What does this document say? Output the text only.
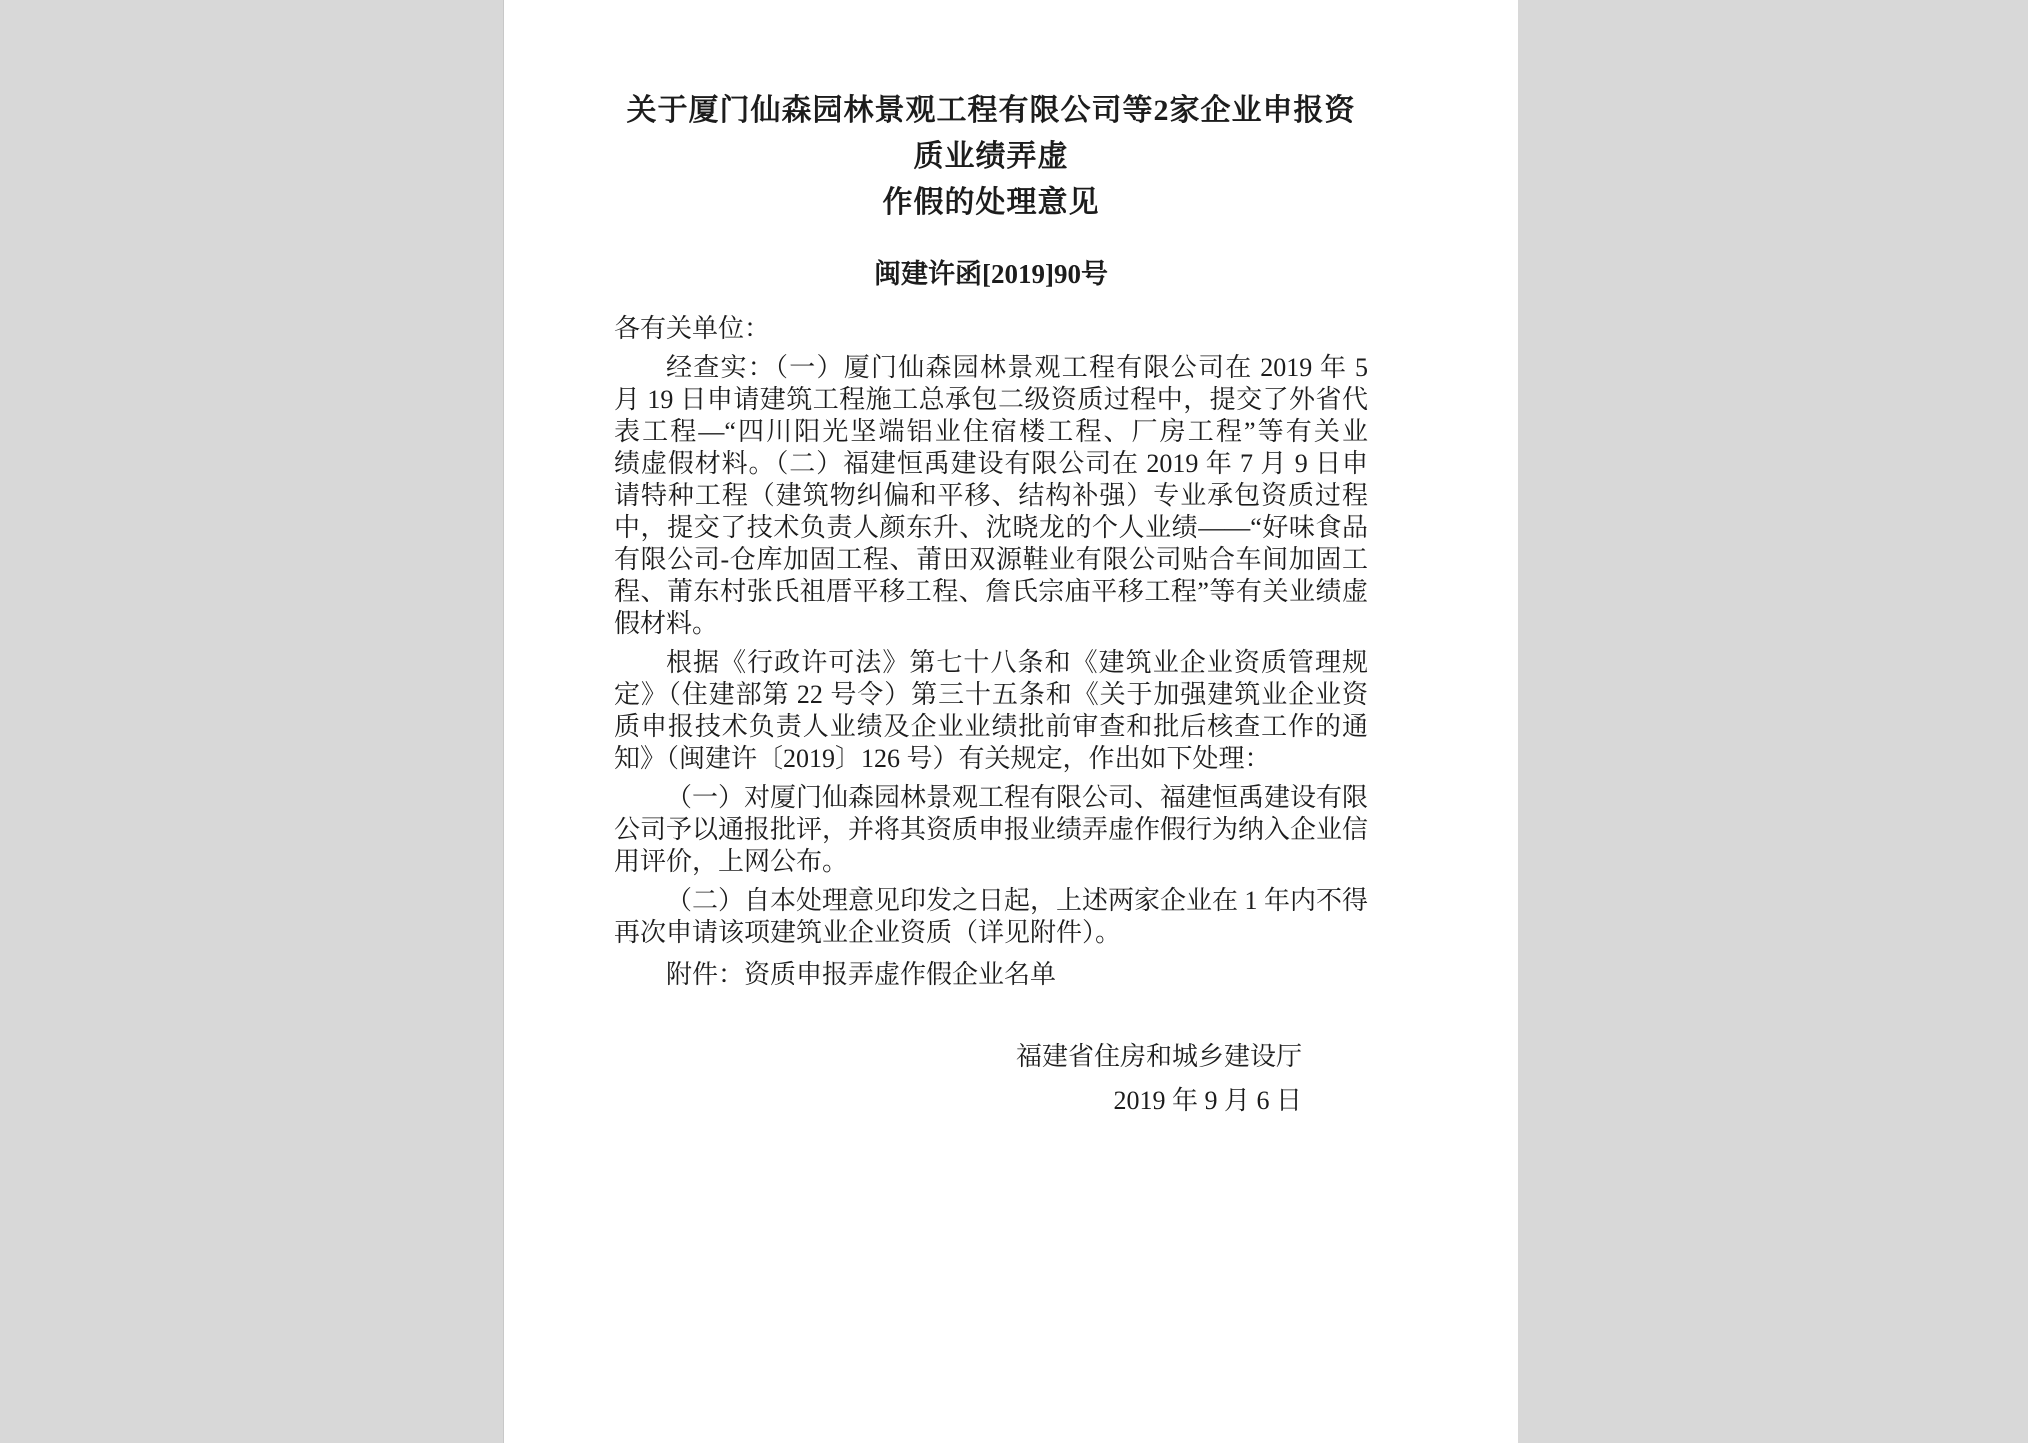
关于厦门仙森园林景观工程有限公司等2家企业申报资质业绩弄虚
作假的处理意见
闽建许函[2019]90号
各有关单位：
经查实：（一）厦门仙森园林景观工程有限公司在 2019 年 5
月 19 日申请建筑工程施工总承包二级资质过程中，提交了外省代
表工程—“四川阳光坚端铝业住宿楼工程、厂房工程”等有关业
绩虚假材料。（二）福建恒禹建设有限公司在 2019 年 7 月 9 日申
请特种工程（建筑物纠偏和平移、结构补强）专业承包资质过程
中，提交了技术负责人颜东升、沈晓龙的个人业绩——“好味食品
有限公司-仓库加固工程、莆田双源鞋业有限公司贴合车间加固工
程、莆东村张氏祖厝平移工程、詹氏宗庙平移工程”等有关业绩虚
假材料。
根据《行政许可法》第七十八条和《建筑业企业资质管理规
定》（住建部第 22 号令）第三十五条和《关于加强建筑业企业资
质申报技术负责人业绩及企业业绩批前审查和批后核查工作的通
知》（闽建许〔2019〕126 号）有关规定，作出如下处理：
（一）对厦门仙森园林景观工程有限公司、福建恒禹建设有限
公司予以通报批评，并将其资质申报业绩弄虚作假行为纳入企业信
用评价，上网公布。
（二）自本处理意见印发之日起，上述两家企业在 1 年内不得
再次申请该项建筑业企业资质（详见附件）。
附件：资质申报弄虚作假企业名单
福建省住房和城乡建设厅
2019 年 9 月 6 日
